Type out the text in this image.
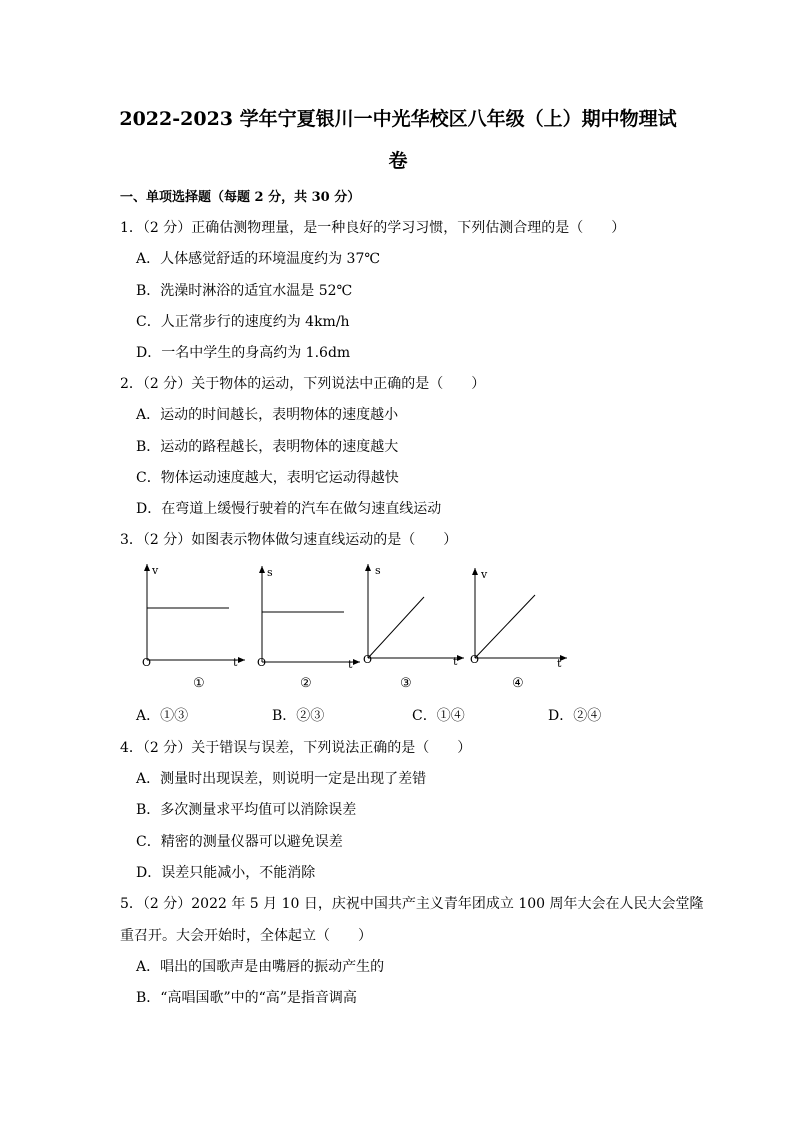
2022-2023 学年宁夏银川一中光华校区八年级（上）期中物理试
卷
一、单项选择题（每题 2 分，共 30 分）
1．（2 分）正确估测物理量，是一种良好的学习习惯，下列估测合理的是（　　）
A．人体感觉舒适的环境温度约为 37℃
B．洗澡时淋浴的适宜水温是 52℃
C．人正常步行的速度约为 4km/h
D．一名中学生的身高约为 1.6dm
2．（2 分）关于物体的运动，下列说法中正确的是（　　）
A．运动的时间越长，表明物体的速度越小
B．运动的路程越长，表明物体的速度越大
C．物体运动速度越大，表明它运动得越快
D．在弯道上缓慢行驶着的汽车在做匀速直线运动
3．（2 分）如图表示物体做匀速直线运动的是（　　）
v
O	t
①
s
O	t
②
s
O	t
③
v
O	t
④
A．①③	B．②③	C．①④	D．②④
4．（2 分）关于错误与误差，下列说法正确的是（　　）
A．测量时出现误差，则说明一定是出现了差错
B．多次测量求平均值可以消除误差
C．精密的测量仪器可以避免误差
D．误差只能减小，不能消除
5．（2 分）2022 年 5 月 10 日，庆祝中国共产主义青年团成立 100 周年大会在人民大会堂隆
重召开。大会开始时，全体起立（　　）
A．唱出的国歌声是由嘴唇的振动产生的
B．“高唱国歌”中的“高”是指音调高
